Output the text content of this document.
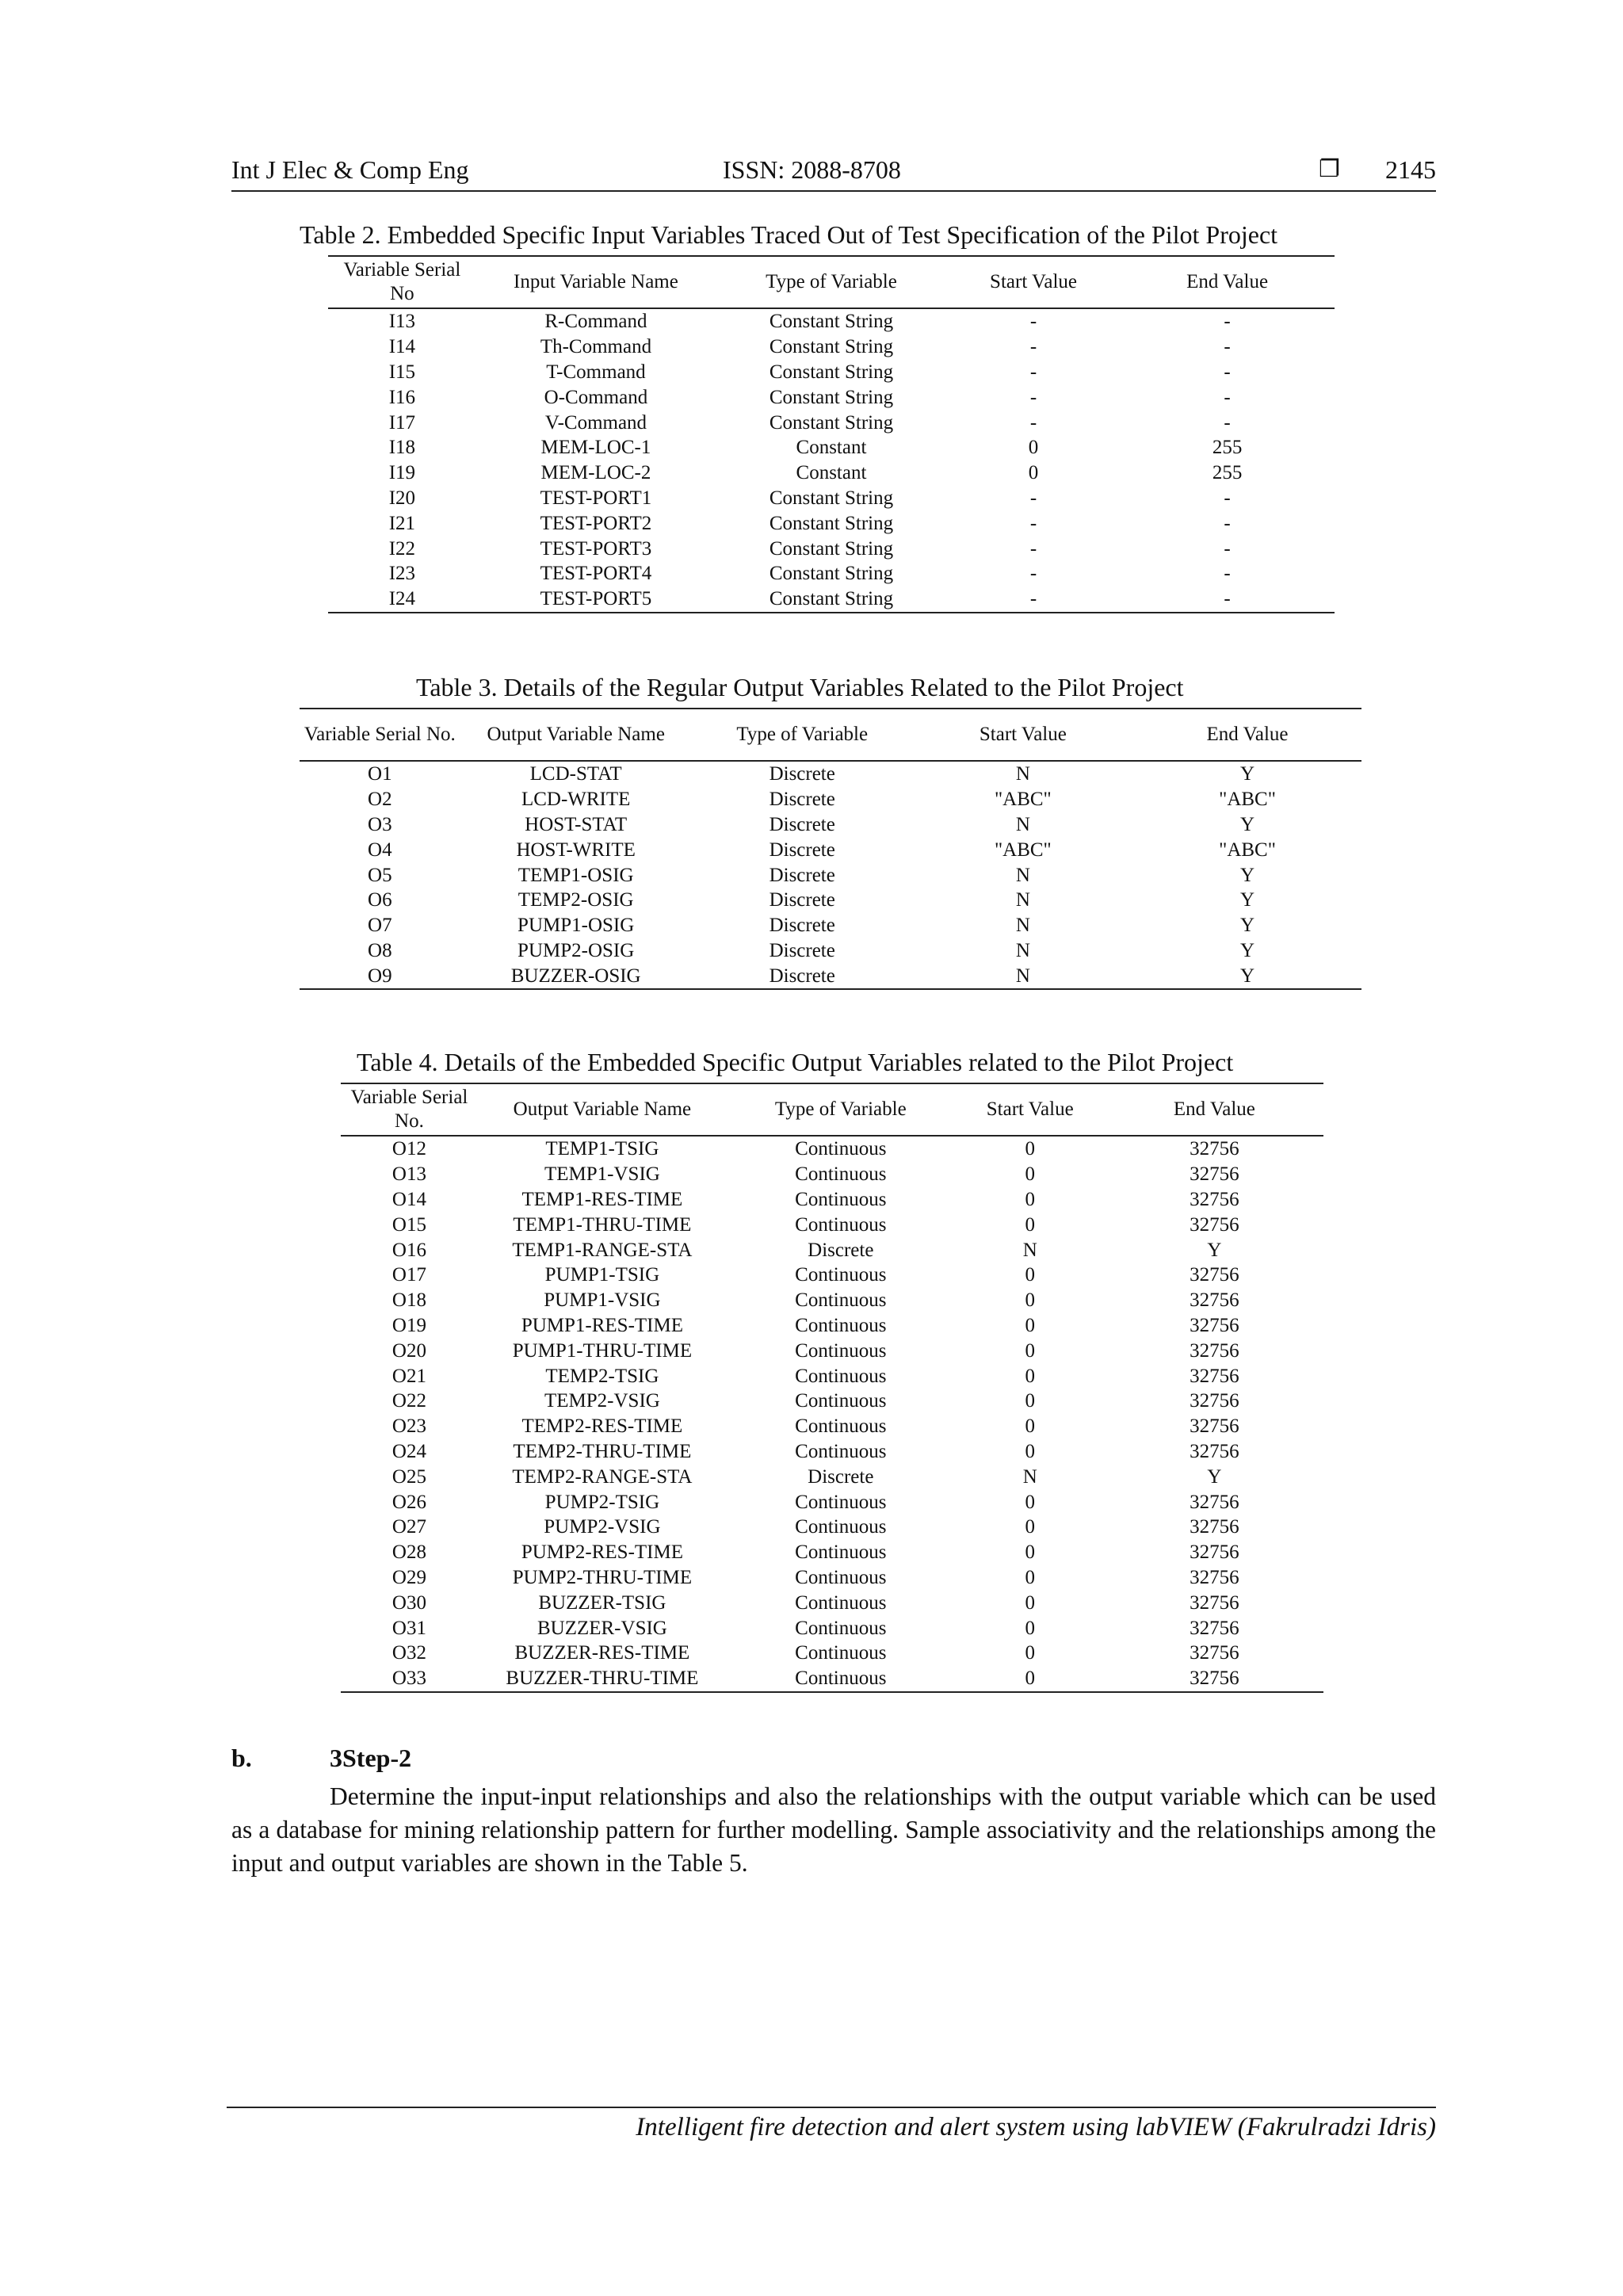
Int J Elec & Comp Eng	ISSN: 2088-8708	❐ 2145
Table 2. Embedded Specific Input Variables Traced Out of Test Specification of the Pilot Project
Variable Serial No	Input Variable Name	Type of Variable	Start Value	End Value
I13	R-Command	Constant String	-	-
I14	Th-Command	Constant String	-	-
I15	T-Command	Constant String	-	-
I16	O-Command	Constant String	-	-
I17	V-Command	Constant String	-	-
I18	MEM-LOC-1	Constant	0	255
I19	MEM-LOC-2	Constant	0	255
I20	TEST-PORT1	Constant String	-	-
I21	TEST-PORT2	Constant String	-	-
I22	TEST-PORT3	Constant String	-	-
I23	TEST-PORT4	Constant String	-	-
I24	TEST-PORT5	Constant String	-	-
Table 3. Details of the Regular Output Variables Related to the Pilot Project
Variable Serial No.	Output Variable Name	Type of Variable	Start Value	End Value
O1	LCD-STAT	Discrete	N	Y
O2	LCD-WRITE	Discrete	"ABC"	"ABC"
O3	HOST-STAT	Discrete	N	Y
O4	HOST-WRITE	Discrete	"ABC"	"ABC"
O5	TEMP1-OSIG	Discrete	N	Y
O6	TEMP2-OSIG	Discrete	N	Y
O7	PUMP1-OSIG	Discrete	N	Y
O8	PUMP2-OSIG	Discrete	N	Y
O9	BUZZER-OSIG	Discrete	N	Y
Table 4. Details of the Embedded Specific Output Variables related to the Pilot Project
Variable Serial No.	Output Variable Name	Type of Variable	Start Value	End Value
O12	TEMP1-TSIG	Continuous	0	32756
O13	TEMP1-VSIG	Continuous	0	32756
O14	TEMP1-RES-TIME	Continuous	0	32756
O15	TEMP1-THRU-TIME	Continuous	0	32756
O16	TEMP1-RANGE-STA	Discrete	N	Y
O17	PUMP1-TSIG	Continuous	0	32756
O18	PUMP1-VSIG	Continuous	0	32756
O19	PUMP1-RES-TIME	Continuous	0	32756
O20	PUMP1-THRU-TIME	Continuous	0	32756
O21	TEMP2-TSIG	Continuous	0	32756
O22	TEMP2-VSIG	Continuous	0	32756
O23	TEMP2-RES-TIME	Continuous	0	32756
O24	TEMP2-THRU-TIME	Continuous	0	32756
O25	TEMP2-RANGE-STA	Discrete	N	Y
O26	PUMP2-TSIG	Continuous	0	32756
O27	PUMP2-VSIG	Continuous	0	32756
O28	PUMP2-RES-TIME	Continuous	0	32756
O29	PUMP2-THRU-TIME	Continuous	0	32756
O30	BUZZER-TSIG	Continuous	0	32756
O31	BUZZER-VSIG	Continuous	0	32756
O32	BUZZER-RES-TIME	Continuous	0	32756
O33	BUZZER-THRU-TIME	Continuous	0	32756
b.	3Step-2
Determine the input-input relationships and also the relationships with the output variable which can be used as a database for mining relationship pattern for further modelling. Sample associativity and the relationships among the input and output variables are shown in the Table 5.
Intelligent fire detection and alert system using labVIEW (Fakrulradzi Idris)
